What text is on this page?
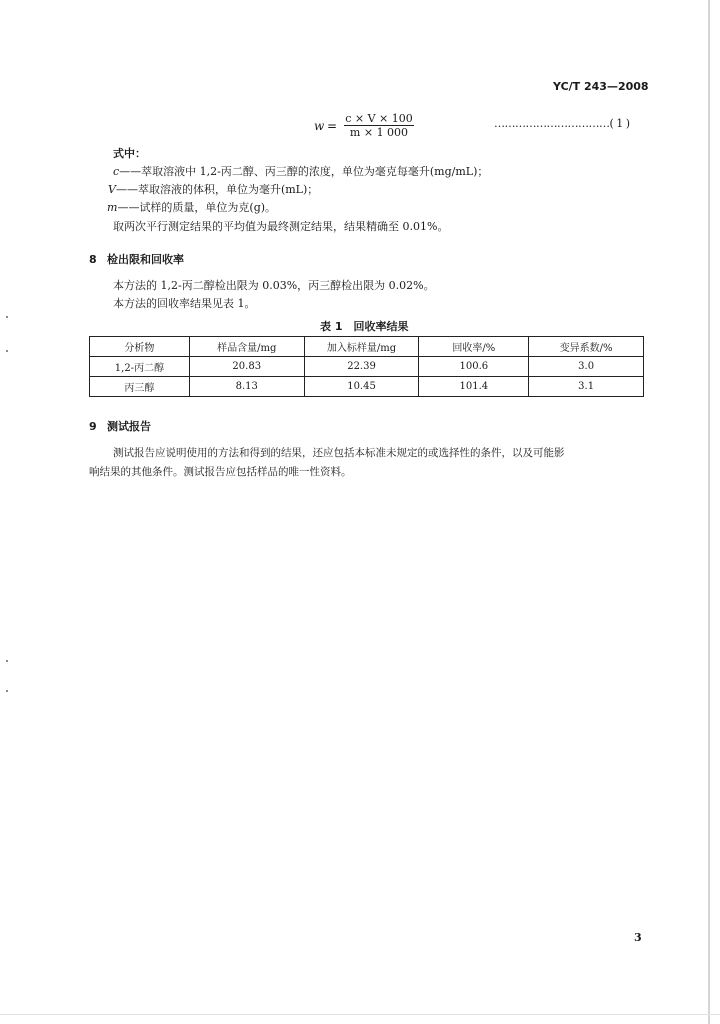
YC/T 243—2008
$w = \frac{c \times V \times 100}{m \times 1 000}$	……………………………( 1 )
式中：
c——萃取溶液中 1,2-丙二醇、丙三醇的浓度，单位为毫克每毫升(mg/mL)；
V——萃取溶液的体积，单位为毫升(mL)；
m——试样的质量，单位为克(g)。
取两次平行测定结果的平均值为最终测定结果，结果精确至 0.01%。
8 检出限和回收率
本方法的 1,2-丙二醇检出限为 0.03%，丙三醇检出限为 0.02%。
本方法的回收率结果见表 1。
表 1　回收率结果
分析物	样品含量/mg	加入标样量/mg	回收率/%	变异系数/%
1,2-丙二醇	20.83	22.39	100.6	3.0
丙三醇	8.13	10.45	101.4	3.1
9 测试报告
测试报告应说明使用的方法和得到的结果，还应包括本标准未规定的或选择性的条件，以及可能影
响结果的其他条件。测试报告应包括样品的唯一性资料。
3
